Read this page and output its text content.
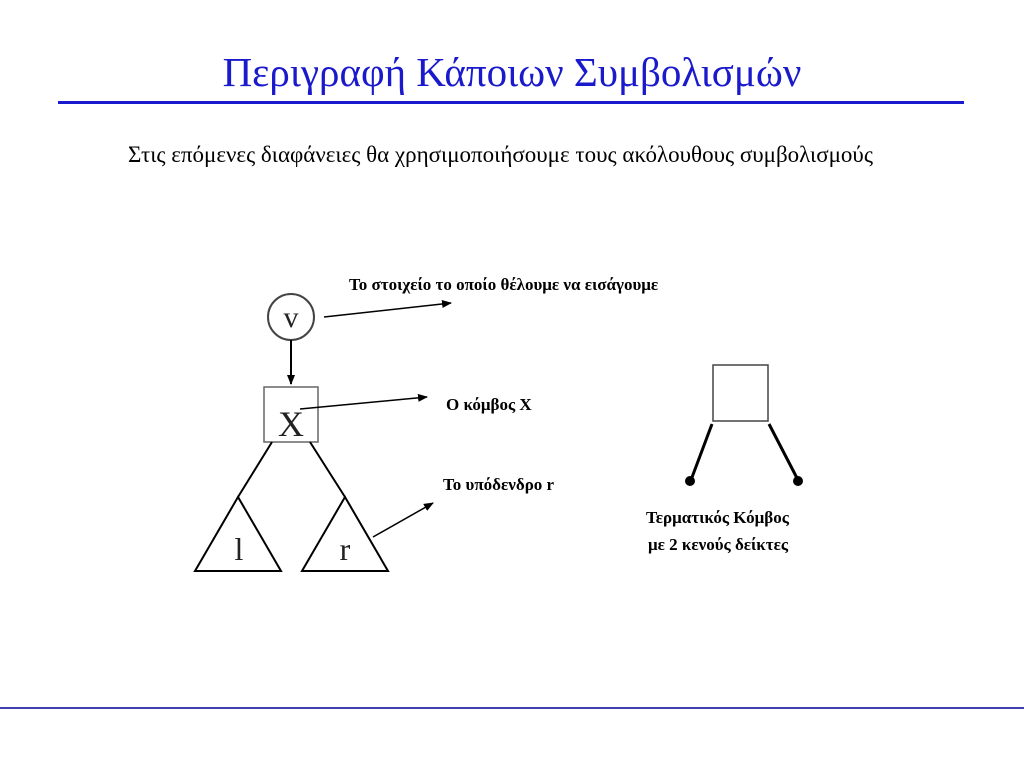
Περιγραφή Κάποιων Συμβολισμών
Στις επόμενες διαφάνειες θα χρησιμοποιήσουμε τους ακόλουθους συμβολισμούς
v
X
l	r
Το στοιχείο το οποίο θέλουμε να εισάγουμε
Ο κόμβος X
Το υπόδενδρο r
Τερματικός Κόμβος
με 2 κενούς δείκτες
